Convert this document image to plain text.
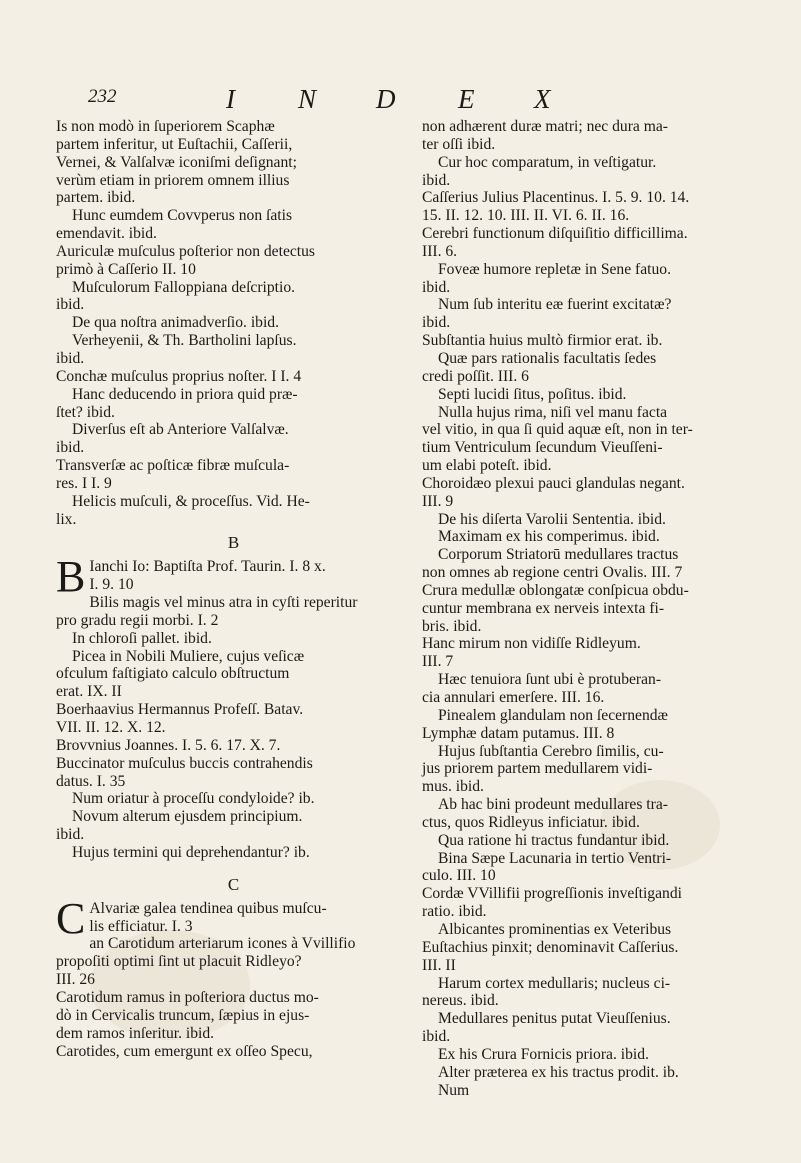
232	I N D E X
Is non modò in ſuperiorem Scaphæ
partem inferitur, ut Euſtachii, Caſſerii,
Vernei, & Valſalvæ iconiſmi deſignant;
verùm etiam in priorem omnem illius
partem. ibid.
Hunc eumdem Covvperus non ſatis
emendavit. ibid.
Auriculæ muſculus poſterior non detectus
primò à Caſſerio II. 10
Muſculorum Falloppiana deſcriptio.
ibid.
De qua noſtra animadverſio. ibid.
Verheyenii, & Th. Bartholini lapſus.
ibid.
Conchæ muſculus proprius noſter. I I. 4
Hanc deducendo in priora quid præ-
ſtet? ibid.
Diverſus eſt ab Anteriore Valſalvæ.
ibid.
Transverſæ ac poſticæ fibræ muſcula-
res. I I. 9
Helicis muſculi, & proceſſus. Vid. He-
lix.
B
B Ianchi Io: Baptiſta Prof. Taurin. I. 8 x.
I. 9. 10
Bilis magis vel minus atra in cyſti reperitur
pro gradu regii morbi. I. 2
In chloroſi pallet. ibid.
Picea in Nobili Muliere, cujus veſicæ
ofculum faſtigiato calculo obſtructum
erat. IX. II
Boerhaavius Hermannus Profeſſ. Batav.
VII. II. 12. X. 12.
Brovvnius Joannes. I. 5. 6. 17. X. 7.
Buccinator muſculus buccis contrahendis
datus. I. 35
Num oriatur à proceſſu condyloide? ib.
Novum alterum ejusdem principium.
ibid.
Hujus termini qui deprehendantur? ib.
C
C Alvariæ galea tendinea quibus muſcu-
lis efficiatur. I. 3
an Carotidum arteriarum icones à Vvillifio
propoſiti optimi ſint ut placuit Ridleyo?
III. 26
Carotidum ramus in poſteriora ductus mo-
dò in Cervicalis truncum, ſæpius in ejus-
dem ramos inſeritur. ibid.
Carotides, cum emergunt ex oſſeo Specu,
non adhærent duræ matri; nec dura ma-
ter oſſi ibid.
Cur hoc comparatum, in veſtigatur.
ibid.
Caſſerius Julius Placentinus. I. 5. 9. 10. 14.
15. II. 12. 10. III. II. VI. 6. II. 16.
Cerebri functionum diſquiſitio difficillima.
III. 6.
Foveæ humore repletæ in Sene fatuo.
ibid.
Num ſub interitu eæ fuerint excitatæ?
ibid.
Subſtantia huius multò firmior erat. ib.
Quæ pars rationalis facultatis ſedes
credi poſſit. III. 6
Septi lucidi ſitus, poſitus. ibid.
Nulla hujus rima, niſi vel manu facta
vel vitio, in qua ſi quid aquæ eſt, non in ter-
tium Ventriculum ſecundum Vieuſſeni-
um elabi poteſt. ibid.
Choroidæo plexui pauci glandulas negant.
III. 9
De his diſerta Varolii Sententia. ibid.
Maximam ex his comperimus. ibid.
Corporum Striatorū medullares tractus
non omnes ab regione centri Ovalis. III. 7
Crura medullæ oblongatæ conſpicua obdu-
cuntur membrana ex nerveis intexta fi-
bris. ibid.
Hanc mirum non vidiſſe Ridleyum.
III. 7
Hæc tenuiora ſunt ubi è protuberan-
cia annulari emerſere. III. 16.
Pinealem glandulam non ſecernendæ
Lymphæ datam putamus. III. 8
Hujus ſubſtantia Cerebro ſimilis, cu-
jus priorem partem medullarem vidi-
mus. ibid.
Ab hac bini prodeunt medullares tra-
ctus, quos Ridleyus inficiatur. ibid.
Qua ratione hi tractus fundantur ibid.
Bina Sæpe Lacunaria in tertio Ventri-
culo. III. 10
Cordæ VVillifii progreſſionis inveſtigandi
ratio. ibid.
Albicantes prominentias ex Veteribus
Euſtachius pinxit; denominavit Caſſerius.
III. II
Harum cortex medullaris; nucleus ci-
nereus. ibid.
Medullares penitus putat Vieuſſenius.
ibid.
Ex his Crura Fornicis priora. ibid.
Alter præterea ex his tractus prodit. ib.
Num
